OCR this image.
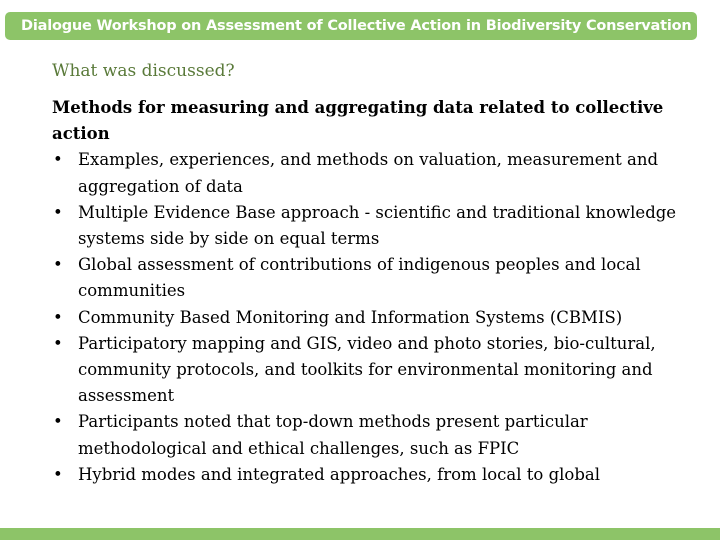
Dialogue Workshop on Assessment of Collective Action in Biodiversity Conservation
What was discussed?

Methods for measuring and aggregating data related to collective action

• Examples, experiences, and methods on valuation, measurement and aggregation of data
• Multiple Evidence Base approach - scientific and traditional knowledge systems side by side on equal terms
• Global assessment of contributions of indigenous peoples and local communities
• Community Based Monitoring and Information Systems (CBMIS)
• Participatory mapping and GIS, video and photo stories, bio-cultural, community protocols, and toolkits for environmental monitoring and assessment
• Participants noted that top-down methods present particular methodological and ethical challenges, such as FPIC
• Hybrid modes and integrated approaches, from local to global
